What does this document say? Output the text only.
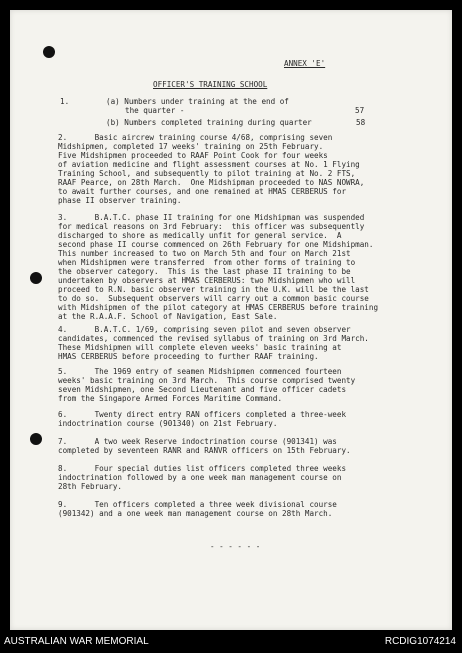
ANNEX 'E'

OFFICER'S TRAINING SCHOOL

1.	(a) Numbers under training at the end of

the quarter -	57

(b) Numbers completed training during quarter	58

2.      Basic aircrew training course 4/68, comprising seven

Midshipmen, completed 17 weeks' training on 25th February.

Five Midshipmen proceeded to RAAF Point Cook for four weeks

of aviation medicine and flight assessment courses at No. 1 Flying

Training School, and subsequently to pilot training at No. 2 FTS,

RAAF Pearce, on 28th March.  One Midshipman proceeded to NAS NOWRA,

to await further courses, and one remained at HMAS CERBERUS for

phase II observer training.

3.      B.A.T.C. phase II training for one Midshipman was suspended

for medical reasons on 3rd February:  this officer was subsequently

discharged to shore as medically unfit for general service.  A

second phase II course commenced on 26th February for one Midshipman.

This number increased to two on March 5th and four on March 21st

when Midshipmen were transferred  from other forms of training to

the observer category.  This is the last phase II training to be

undertaken by observers at HMAS CERBERUS: two Midshipmen who will

proceed to R.N. basic observer training in the U.K. will be the last

to do so.  Subsequent observers will carry out a common basic course

with Midshipmen of the pilot category at HMAS CERBERUS before training

at the R.A.A.F. School of Navigation, East Sale.

4.      B.A.T.C. 1/69, comprising seven pilot and seven observer

candidates, commenced the revised syllabus of training on 3rd March.

These Midshipmen will complete eleven weeks' basic training at

HMAS CERBERUS before proceeding to further RAAF training.

5.      The 1969 entry of seamen Midshipmen commenced fourteen

weeks' basic training on 3rd March.  This course comprised twenty

seven Midshipmen, one Second Lieutenant and five officer cadets

from the Singapore Armed Forces Maritime Command.

6.      Twenty direct entry RAN officers completed a three-week

indoctrination course (901340) on 21st February.

7.      A two week Reserve indoctrination course (901341) was

completed by seventeen RANR and RANVR officers on 15th February.

8.      Four special duties list officers completed three weeks

indoctrination followed by a one week man management course on

28th February.

9.      Ten officers completed a three week divisional course

(901342) and a one week man management course on 28th March.

- - - - - -

AUSTRALIAN WAR MEMORIAL	RCDIG1074214
